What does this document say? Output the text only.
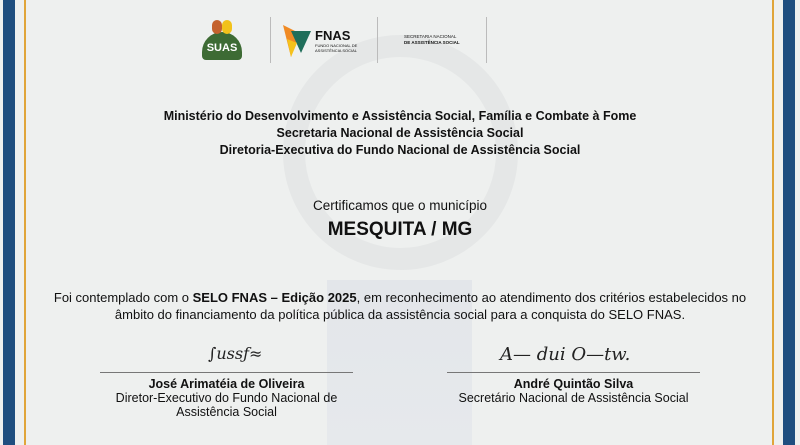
SUAS
FNAS
FUNDO NACIONAL DE ASSISTÊNCIA SOCIAL
SECRETARIA NACIONAL
DE ASSISTÊNCIA SOCIAL
Ministério do Desenvolvimento e Assistência Social, Família e Combate à Fome
Secretaria Nacional de Assistência Social
Diretoria-Executiva do Fundo Nacional de Assistência Social
Certificamos que o município
MESQUITA / MG
Foi contemplado com o SELO FNAS – Edição 2025, em reconhecimento ao atendimento dos critérios estabelecidos no
âmbito do financiamento da política pública da assistência social para a conquista do SELO FNAS.
∫ussƒ≈	A— dui O—tw.
José Arimatéia de Oliveira
Diretor-Executivo do Fundo Nacional de
Assistência Social
André Quintão Silva
Secretário Nacional de Assistência Social
